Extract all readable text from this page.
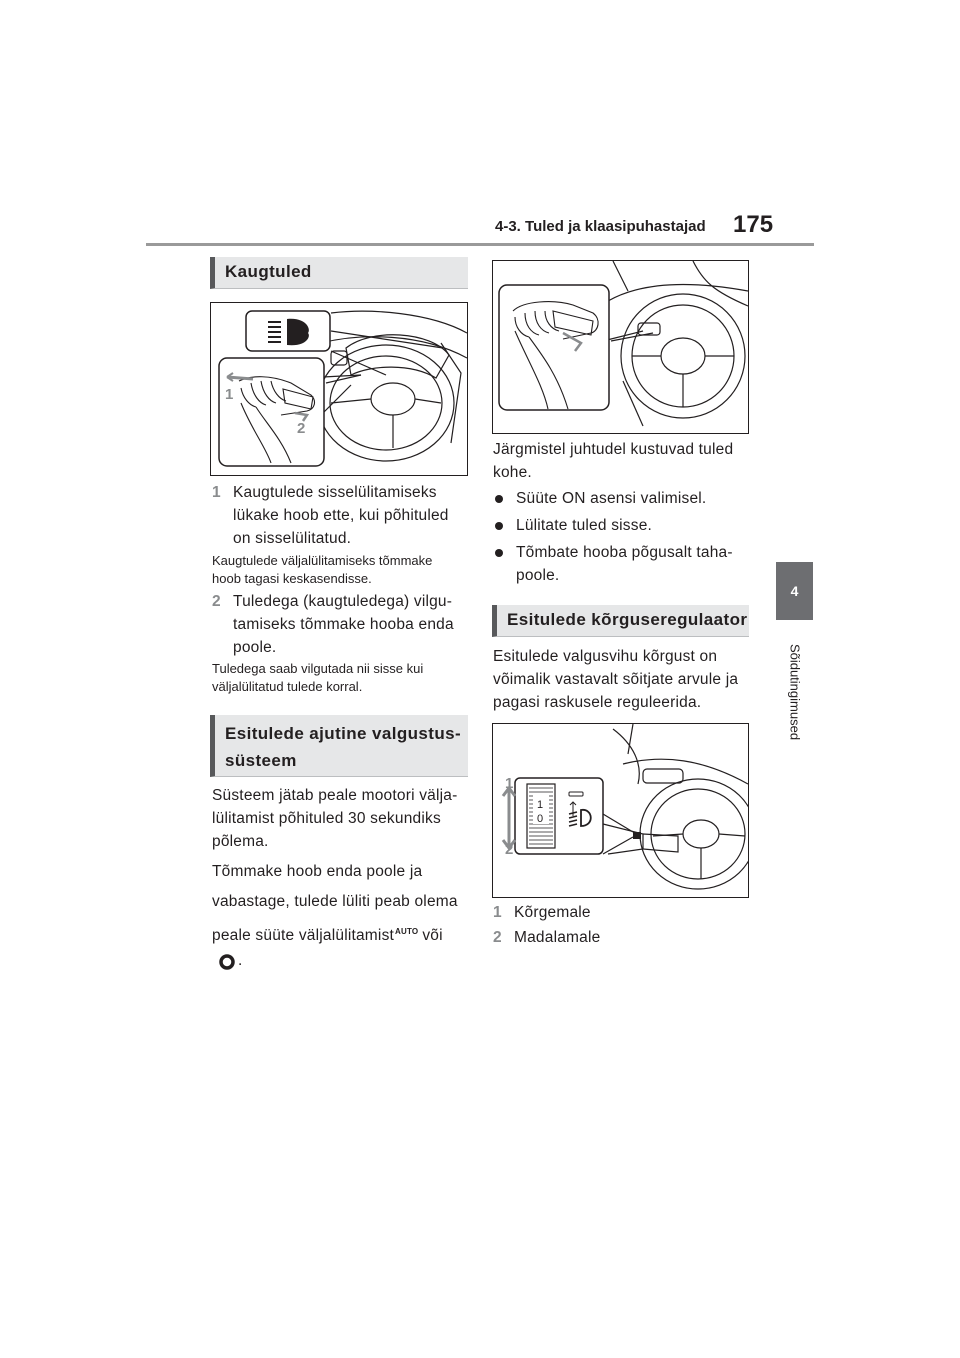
4-3. Tuled ja klaasipuhastajad 175
4
Sõidutingimused
Kaugtuled
1
2
1 Kaugtulede sisselülitamiseks
lükake hoob ette, kui põhituled
on sisselülitatud.
Kaugtulede väljalülitamiseks tõmmake
hoob tagasi keskasendisse.
2 Tuledega (kaugtuledega) vilgu-
tamiseks tõmmake hooba enda
poole.
Tuledega saab vilgutada nii sisse kui
väljalülitatud tulede korral.
Esitulede ajutine valgustus-
süsteem
Süsteem jätab peale mootori välja-
lülitamist põhituled 30 sekundiks
põlema.
Tõmmake hoob enda poole ja
vabastage, tulede lüliti peab olema
peale süüte väljalülitamist$^{AUTO}$ või
.
Järgmistel juhtudel kustuvad tuled
kohe.
Süüte ON asensi valimisel.
Lülitate tuled sisse.
Tõmbate hooba põgusalt taha-
poole.
Esitulede kõrguseregulaator
Esitulede valgusvihu kõrgust on
võimalik vastavalt sõitjate arvule ja
pagasi raskusele reguleerida.
1
0
1
2
1 Kõrgemale
2 Madalamale
